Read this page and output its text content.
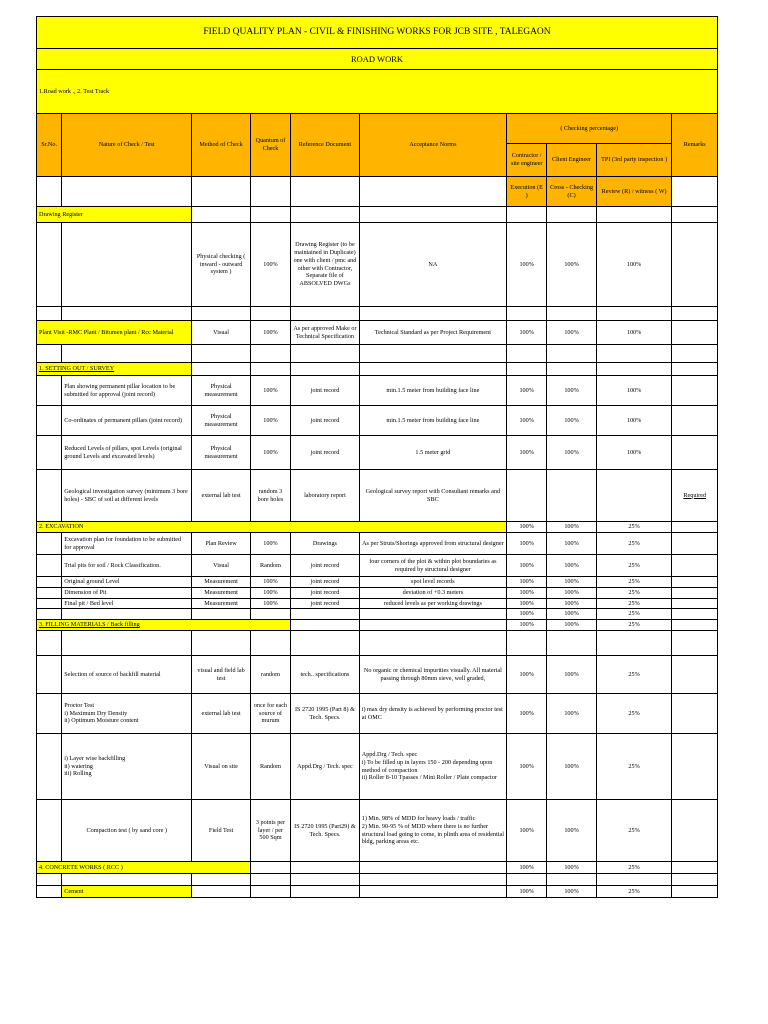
FIELD QUALITY PLAN - CIVIL & FINISHING WORKS FOR JCB SITE , TALEGAON									
ROAD WORK									
1.Road work ., 2. Test Track									
Sr.No.	Nature of Check / Test	Method of Check	Quantum of Check	Reference Document	Acceptance Norms	( Checking percentage)			Remarks
						Contractor / site engineer	Client Engineer	TPI (3rd party inspection )	
						Execution (E )	Cross - Checking (C)	Review (R) / witness ( W)	
Drawing Register									
		Physical checking ( inward - outward system )	100%	Drawing Register (to be maintained in Duplicate) one with client / pmc and other with Contractor, Separate file of ABSOLVED DWGs	NA	100%	100%	100%	

Plant Visit -RMC Plant / Bitumen plant / Rcc Material		Visual	100%	As per approved Make or Technical Specification	Technical Standard as per Project Requirement	100%	100%	100%	

1. SETTING OUT / SURVEY									
	Plan showing permanent pillar location to be submitted for approval (joint record)	Physical measurement	100%	joint record	min.1.5 meter from building face line	100%	100%	100%	
	Co-ordinates of permanent pillars (joint record)	Physical measurement	100%	joint record	min.1.5 meter from building face line	100%	100%	100%	
	Reduced Levels of pillars, spot Levels (original ground Levels and excavated levels)	Physical measurement	100%	joint record	1.5 meter grid	100%	100%	100%	
	Geological investigation survey (minimum 3 bore holes) - SBC of soil at different levels	external lab test	random 3 bore holes	laboratory report	Geological survey report with Consultant remarks and SBC				Required
2. EXCAVATION						100%	100%	25%	
	Excavation plan for foundation to be submitted for approval	Plan Review	100%	Drawings	As per Struts/Shorings approved from structural designer	100%	100%	25%	
	Trial pits for soil / Rock Classification.	Visual	Random	joint record	four corners of the plot & within plot boundaries as required by structural designer	100%	100%	25%	
	Original ground Level	Measurement	100%	joint record	spot level records	100%	100%	25%	
	Dimension of Pit	Measurement	100%	joint record	deviation of +0.3 meters	100%	100%	25%	
	Final pit / Bed level	Measurement	100%	joint record	reduced levels as per working drawings	100%	100%	25%	
						100%	100%	25%	
3. FILLING MATERIALS / Back filling						100%	100%	25%	

	Selection of source of backfill material	visual and field lab test	random	tech.. specifications	No organic or chemical impurities visually. All material passing through 80mm sieve, well graded,	100%	100%	25%	
	Proctor Test
i) Maximum Dry Density
ii) Optimum Moisture content	external lab test	once for each source of murum	IS 2720 1995 (Part 8) & Tech. Specs.	i) max dry density is achieved by performing proctor test at OMC	100%	100%	25%	
	i) Layer wise backfilling
ii) watering
iii) Rolling	Visual on site	Random	Appd.Drg / Tech. spec	Appd.Drg / Tech. spec
i) To be filled up in layers 150 - 200 depending upon method of compaction
ii) Roller 8-10 Tpasses / Mini Roller / Plate compactor	100%	100%	25%	
	Compaction test ( by sand core )	Field Test	3 points per layer / per 500 Sqm	IS 2720 1995 (Part29) & Tech. Specs.	1) Min. 98% of MDD for heavy loads / traffic
2) Min. 90-95 % of MDD where there is no further structural load going to come, in plinth area of residential bldg, parking areas etc.	100%	100%	25%	
4. CONCRETE WORKS ( RCC )						100%	100%	25%	

	Cement					100%	100%	25%	
